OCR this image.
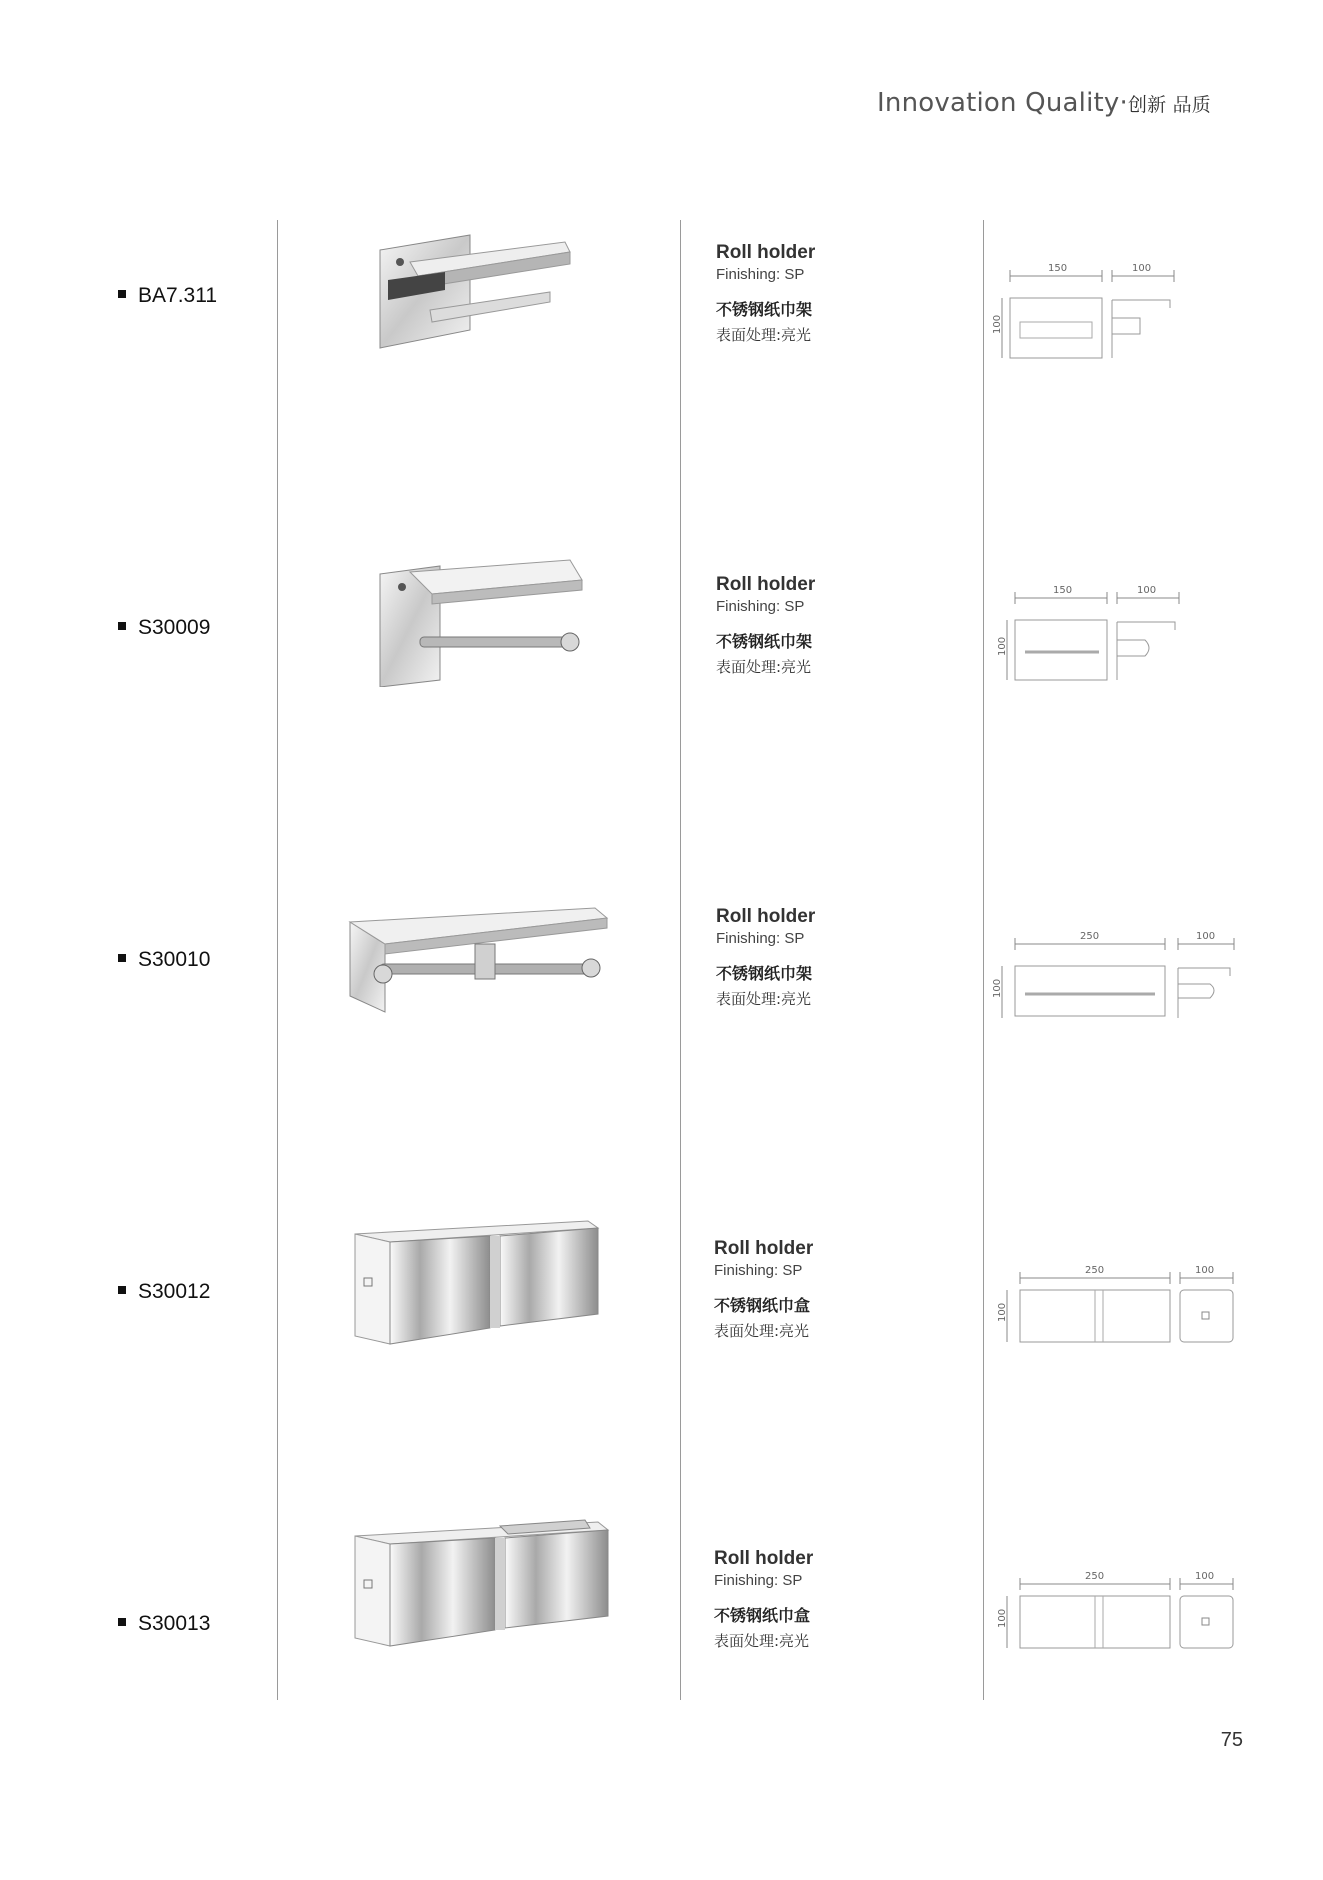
Innovation Quality·创新 品质
BA7.311
Roll holder
Finishing: SP
不锈钢纸巾架
表面处理:亮光
150	100
100
S30009
Roll holder
Finishing: SP
不锈钢纸巾架
表面处理:亮光
150	100
100
S30010
Roll holder
Finishing: SP
不锈钢纸巾架
表面处理:亮光
250	100
100
S30012
Roll holder
Finishing: SP
不锈钢纸巾盒
表面处理:亮光
250	100
100
S30013
Roll holder
Finishing: SP
不锈钢纸巾盒
表面处理:亮光
250	100
100
75
